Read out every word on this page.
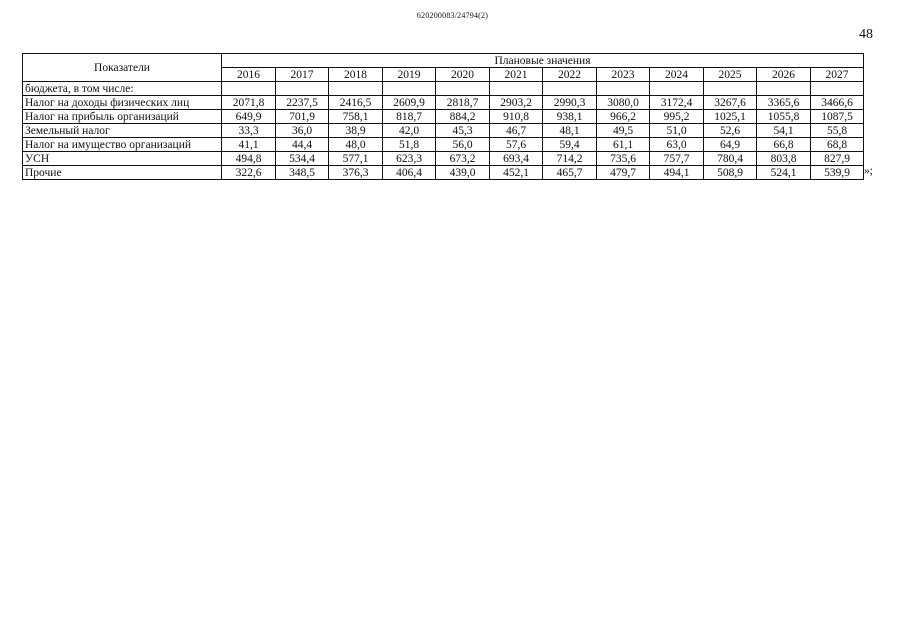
620200083/24794(2)
48
Показатели	Плановые значения											
	2016	2017	2018	2019	2020	2021	2022	2023	2024	2025	2026	2027
бюджета, в том числе:												
Налог на доходы физических лиц	2071,8	2237,5	2416,5	2609,9	2818,7	2903,2	2990,3	3080,0	3172,4	3267,6	3365,6	3466,6
Налог на прибыль организаций	649,9	701,9	758,1	818,7	884,2	910,8	938,1	966,2	995,2	1025,1	1055,8	1087,5
Земельный налог	33,3	36,0	38,9	42,0	45,3	46,7	48,1	49,5	51,0	52,6	54,1	55,8
Налог на имущество организаций	41,1	44,4	48,0	51,8	56,0	57,6	59,4	61,1	63,0	64,9	66,8	68,8
УСН	494,8	534,4	577,1	623,3	673,2	693,4	714,2	735,6	757,7	780,4	803,8	827,9
Прочие	322,6	348,5	376,3	406,4	439,0	452,1	465,7	479,7	494,1	508,9	524,1	539,9 »;
